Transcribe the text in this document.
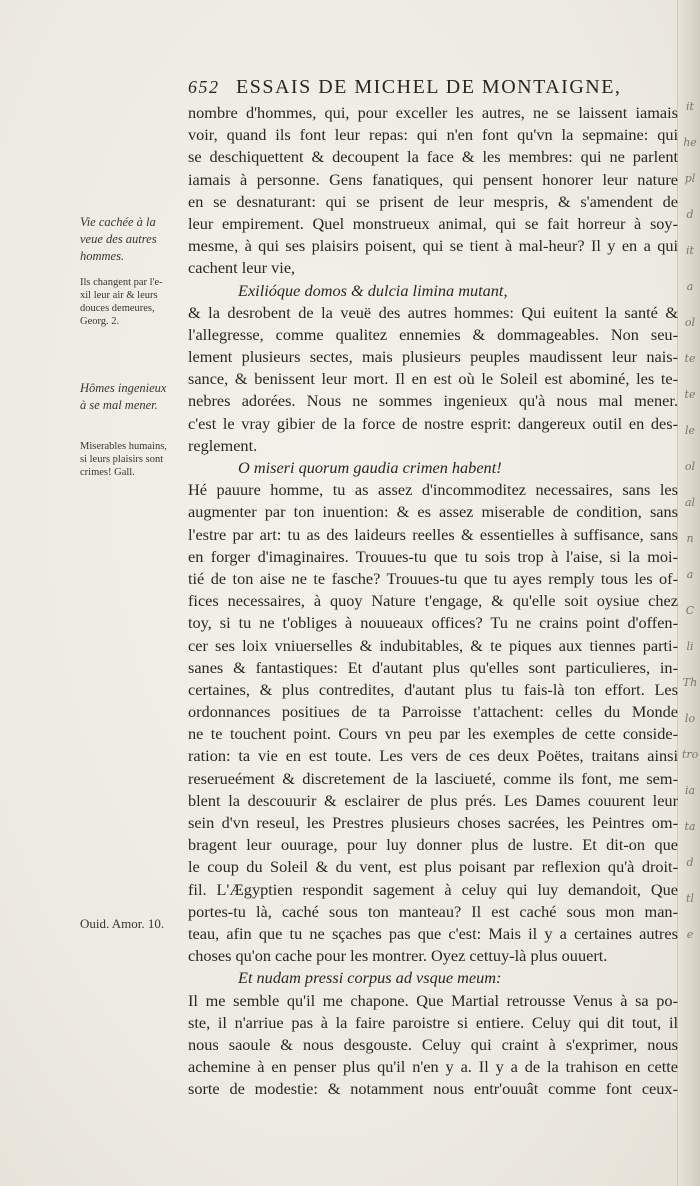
it
he
pl
d
it
a
ol
te
te
le
ol
al
n
a
C
li
Th
lo
tro
ia
ta
d
tl
e
652 ESSAIS DE MICHEL DE MONTAIGNE,
nombre d'hommes, qui, pour exceller les autres, ne se laissent iamais
voir, quand ils font leur repas: qui n'en font qu'vn la sepmaine: qui
se deschiquettent & decoupent la face & les membres: qui ne parlent
iamais à personne. Gens fanatiques, qui pensent honorer leur nature
en se desnaturant: qui se prisent de leur mespris, & s'amendent de
leur empirement. Quel monstrueux animal, qui se fait horreur à soy-
mesme, à qui ses plaisirs poisent, qui se tient à mal-heur? Il y en a qui
cachent leur vie,
Exilióque domos & dulcia limina mutant,
& la desrobent de la veuë des autres hommes: Qui euitent la santé &
l'allegresse, comme qualitez ennemies & dommageables. Non seu-
lement plusieurs sectes, mais plusieurs peuples maudissent leur nais-
sance, & benissent leur mort. Il en est où le Soleil est abominé, les te-
nebres adorées. Nous ne sommes ingenieux qu'à nous mal mener.
c'est le vray gibier de la force de nostre esprit: dangereux outil en des-
reglement.
O miseri quorum gaudia crimen habent!
Hé pauure homme, tu as assez d'incommoditez necessaires, sans les
augmenter par ton inuention: & es assez miserable de condition, sans
l'estre par art: tu as des laideurs reelles & essentielles à suffisance, sans
en forger d'imaginaires. Trouues-tu que tu sois trop à l'aise, si la moi-
tié de ton aise ne te fasche? Trouues-tu que tu ayes remply tous les of-
fices necessaires, à quoy Nature t'engage, & qu'elle soit oysiue chez
toy, si tu ne t'obliges à nouueaux offices? Tu ne crains point d'offen-
cer ses loix vniuerselles & indubitables, & te piques aux tiennes parti-
sanes & fantastiques: Et d'autant plus qu'elles sont particulieres, in-
certaines, & plus contredites, d'autant plus tu fais-là ton effort. Les
ordonnances positiues de ta Parroisse t'attachent: celles du Monde
ne te touchent point. Cours vn peu par les exemples de cette conside-
ration: ta vie en est toute. Les vers de ces deux Poëtes, traitans ainsi
reserueément & discretement de la lasciueté, comme ils font, me sem-
blent la descouurir & esclairer de plus prés. Les Dames couurent leur
sein d'vn reseul, les Prestres plusieurs choses sacrées, les Peintres om-
bragent leur ouurage, pour luy donner plus de lustre. Et dit-on que
le coup du Soleil & du vent, est plus poisant par reflexion qu'à droit-
fil. L'Ægyptien respondit sagement à celuy qui luy demandoit, Que
portes-tu là, caché sous ton manteau? Il est caché sous mon man-
teau, afin que tu ne sçaches pas que c'est: Mais il y a certaines autres
choses qu'on cache pour les montrer. Oyez cettuy-là plus ouuert.
Et nudam pressi corpus ad vsque meum:
Il me semble qu'il me chapone. Que Martial retrousse Venus à sa po-
ste, il n'arriue pas à la faire paroistre si entiere. Celuy qui dit tout, il
nous saoule & nous desgouste. Celuy qui craint à s'exprimer, nous
achemine à en penser plus qu'il n'en y a. Il y a de la trahison en cette
sorte de modestie: & notamment nous entr'ouuât comme font ceux-
Vie cachée à la
veue des autres
hommes.
Ils changent par l'e-
xil leur air & leurs
douces demeures,
Georg. 2.
Hômes ingenieux
à se mal mener.
Miserables humains,
si leurs plaisirs sont
crimes! Gall.
Ouid. Amor. 10.
